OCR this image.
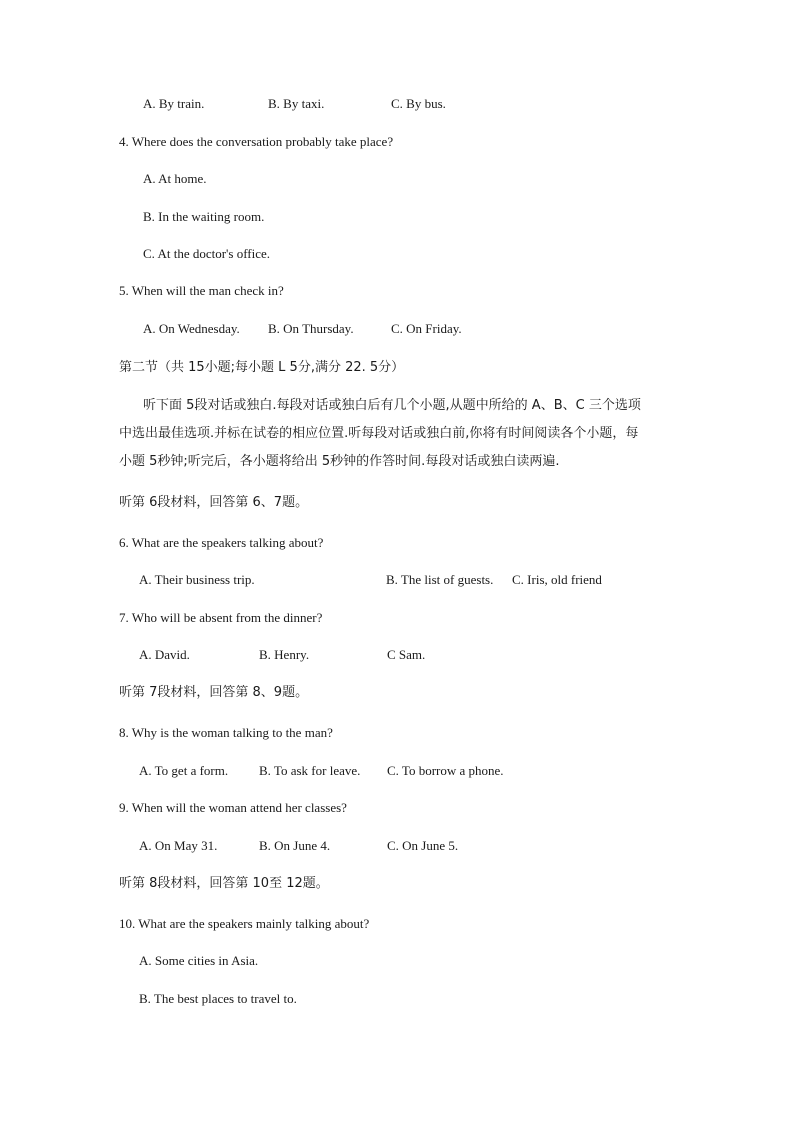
A. By train.	B. By taxi.	C. By bus.
4. Where does the conversation probably take place?
A. At home.
B. In the waiting room.
C. At the doctor's office.
5. When will the man check in?
A. On Wednesday. B. On Thursday.	C. On Friday.
第二节（共 15小题;每小题 L 5分,满分 22. 5分）
听下面 5段对话或独白.每段对话或独白后有几个小题,从题中所给的 A、B、C 三个选项
中选出最佳选项.并标在试卷的相应位置.听每段对话或独白前,你将有时间阅读各个小题，每
小题 5秒钟;听完后，各小题将给出 5秒钟的作答时间.每段对话或独白读两遍.
听第 6段材料，回答第 6、7题。
6. What are the speakers talking about?
A. Their business trip.	B. The list of guests. C. Iris, old friend
7. Who will be absent from the dinner?
A. David.	B. Henry.	C Sam.
听第 7段材料，回答第 8、9题。
8. Why is the woman talking to the man?
A. To get a form. B. To ask for leave. C. To borrow a phone.
9. When will the woman attend her classes?
A. On May 31.	B. On June 4.	C. On June 5.
听第 8段材料，回答第 10至 12题。
10. What are the speakers mainly talking about?
A. Some cities in Asia.
B. The best places to travel to.
